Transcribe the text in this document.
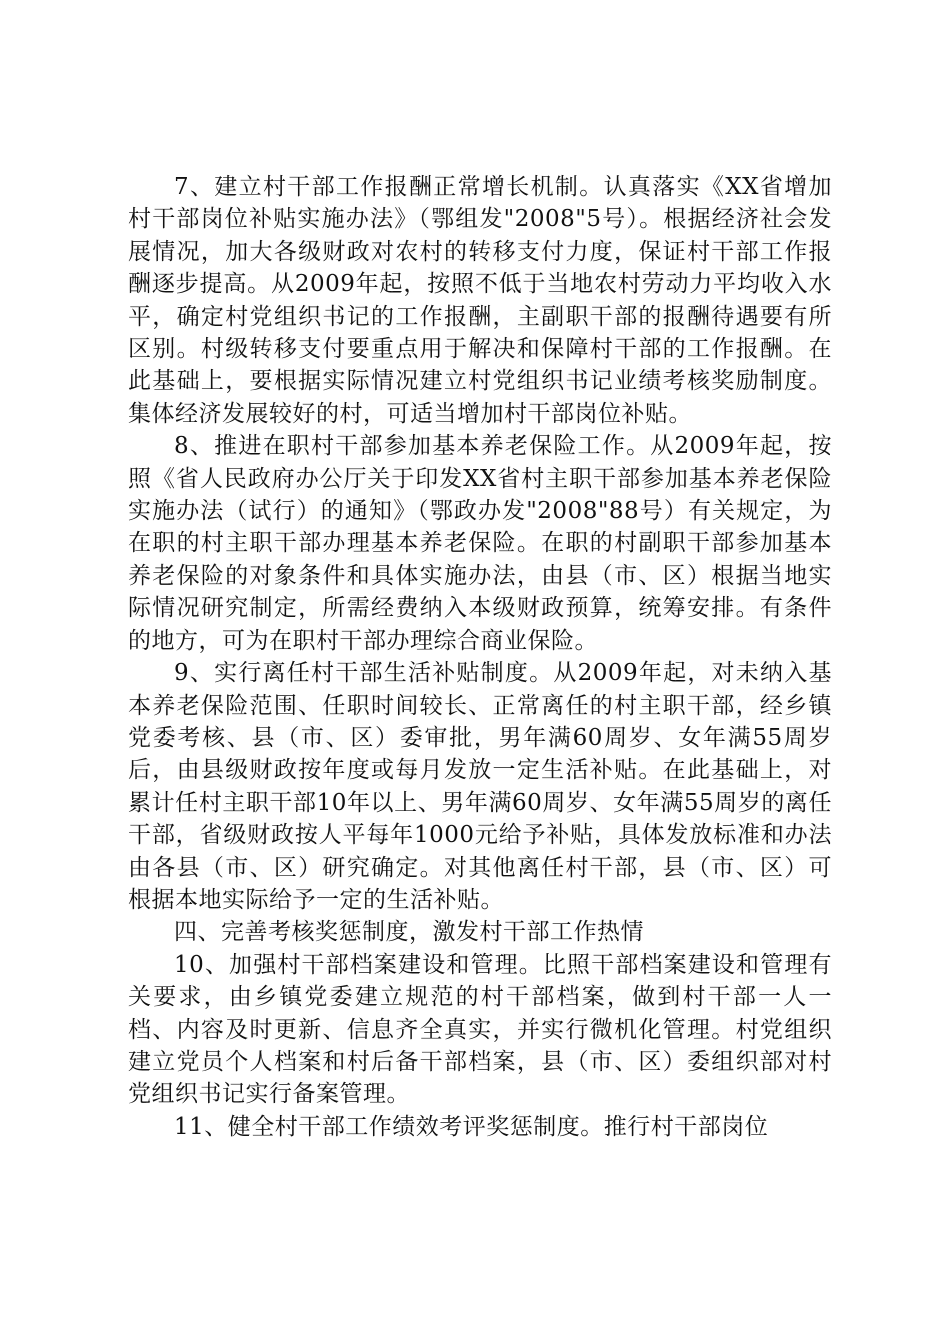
7、建立村干部工作报酬正常增长机制。认真落实《XX省增加村干部岗位补贴实施办法》（鄂组发"2008"5号）。根据经济社会发展情况，加大各级财政对农村的转移支付力度，保证村干部工作报酬逐步提高。从2009年起，按照不低于当地农村劳动力平均收入水平，确定村党组织书记的工作报酬，主副职干部的报酬待遇要有所区别。村级转移支付要重点用于解决和保障村干部的工作报酬。在此基础上，要根据实际情况建立村党组织书记业绩考核奖励制度。集体经济发展较好的村，可适当增加村干部岗位补贴。

8、推进在职村干部参加基本养老保险工作。从2009年起，按照《省人民政府办公厅关于印发XX省村主职干部参加基本养老保险实施办法（试行）的通知》（鄂政办发"2008"88号）有关规定，为在职的村主职干部办理基本养老保险。在职的村副职干部参加基本养老保险的对象条件和具体实施办法，由县（市、区）根据当地实际情况研究制定，所需经费纳入本级财政预算，统筹安排。有条件的地方，可为在职村干部办理综合商业保险。

9、实行离任村干部生活补贴制度。从2009年起，对未纳入基本养老保险范围、任职时间较长、正常离任的村主职干部，经乡镇党委考核、县（市、区）委审批，男年满60周岁、女年满55周岁后，由县级财政按年度或每月发放一定生活补贴。在此基础上，对累计任村主职干部10年以上、男年满60周岁、女年满55周岁的离任干部，省级财政按人平每年1000元给予补贴，具体发放标准和办法由各县（市、区）研究确定。对其他离任村干部，县（市、区）可根据本地实际给予一定的生活补贴。

四、完善考核奖惩制度，激发村干部工作热情

10、加强村干部档案建设和管理。比照干部档案建设和管理有关要求，由乡镇党委建立规范的村干部档案，做到村干部一人一档、内容及时更新、信息齐全真实，并实行微机化管理。村党组织建立党员个人档案和村后备干部档案，县（市、区）委组织部对村党组织书记实行备案管理。

11、健全村干部工作绩效考评奖惩制度。推行村干部岗位
